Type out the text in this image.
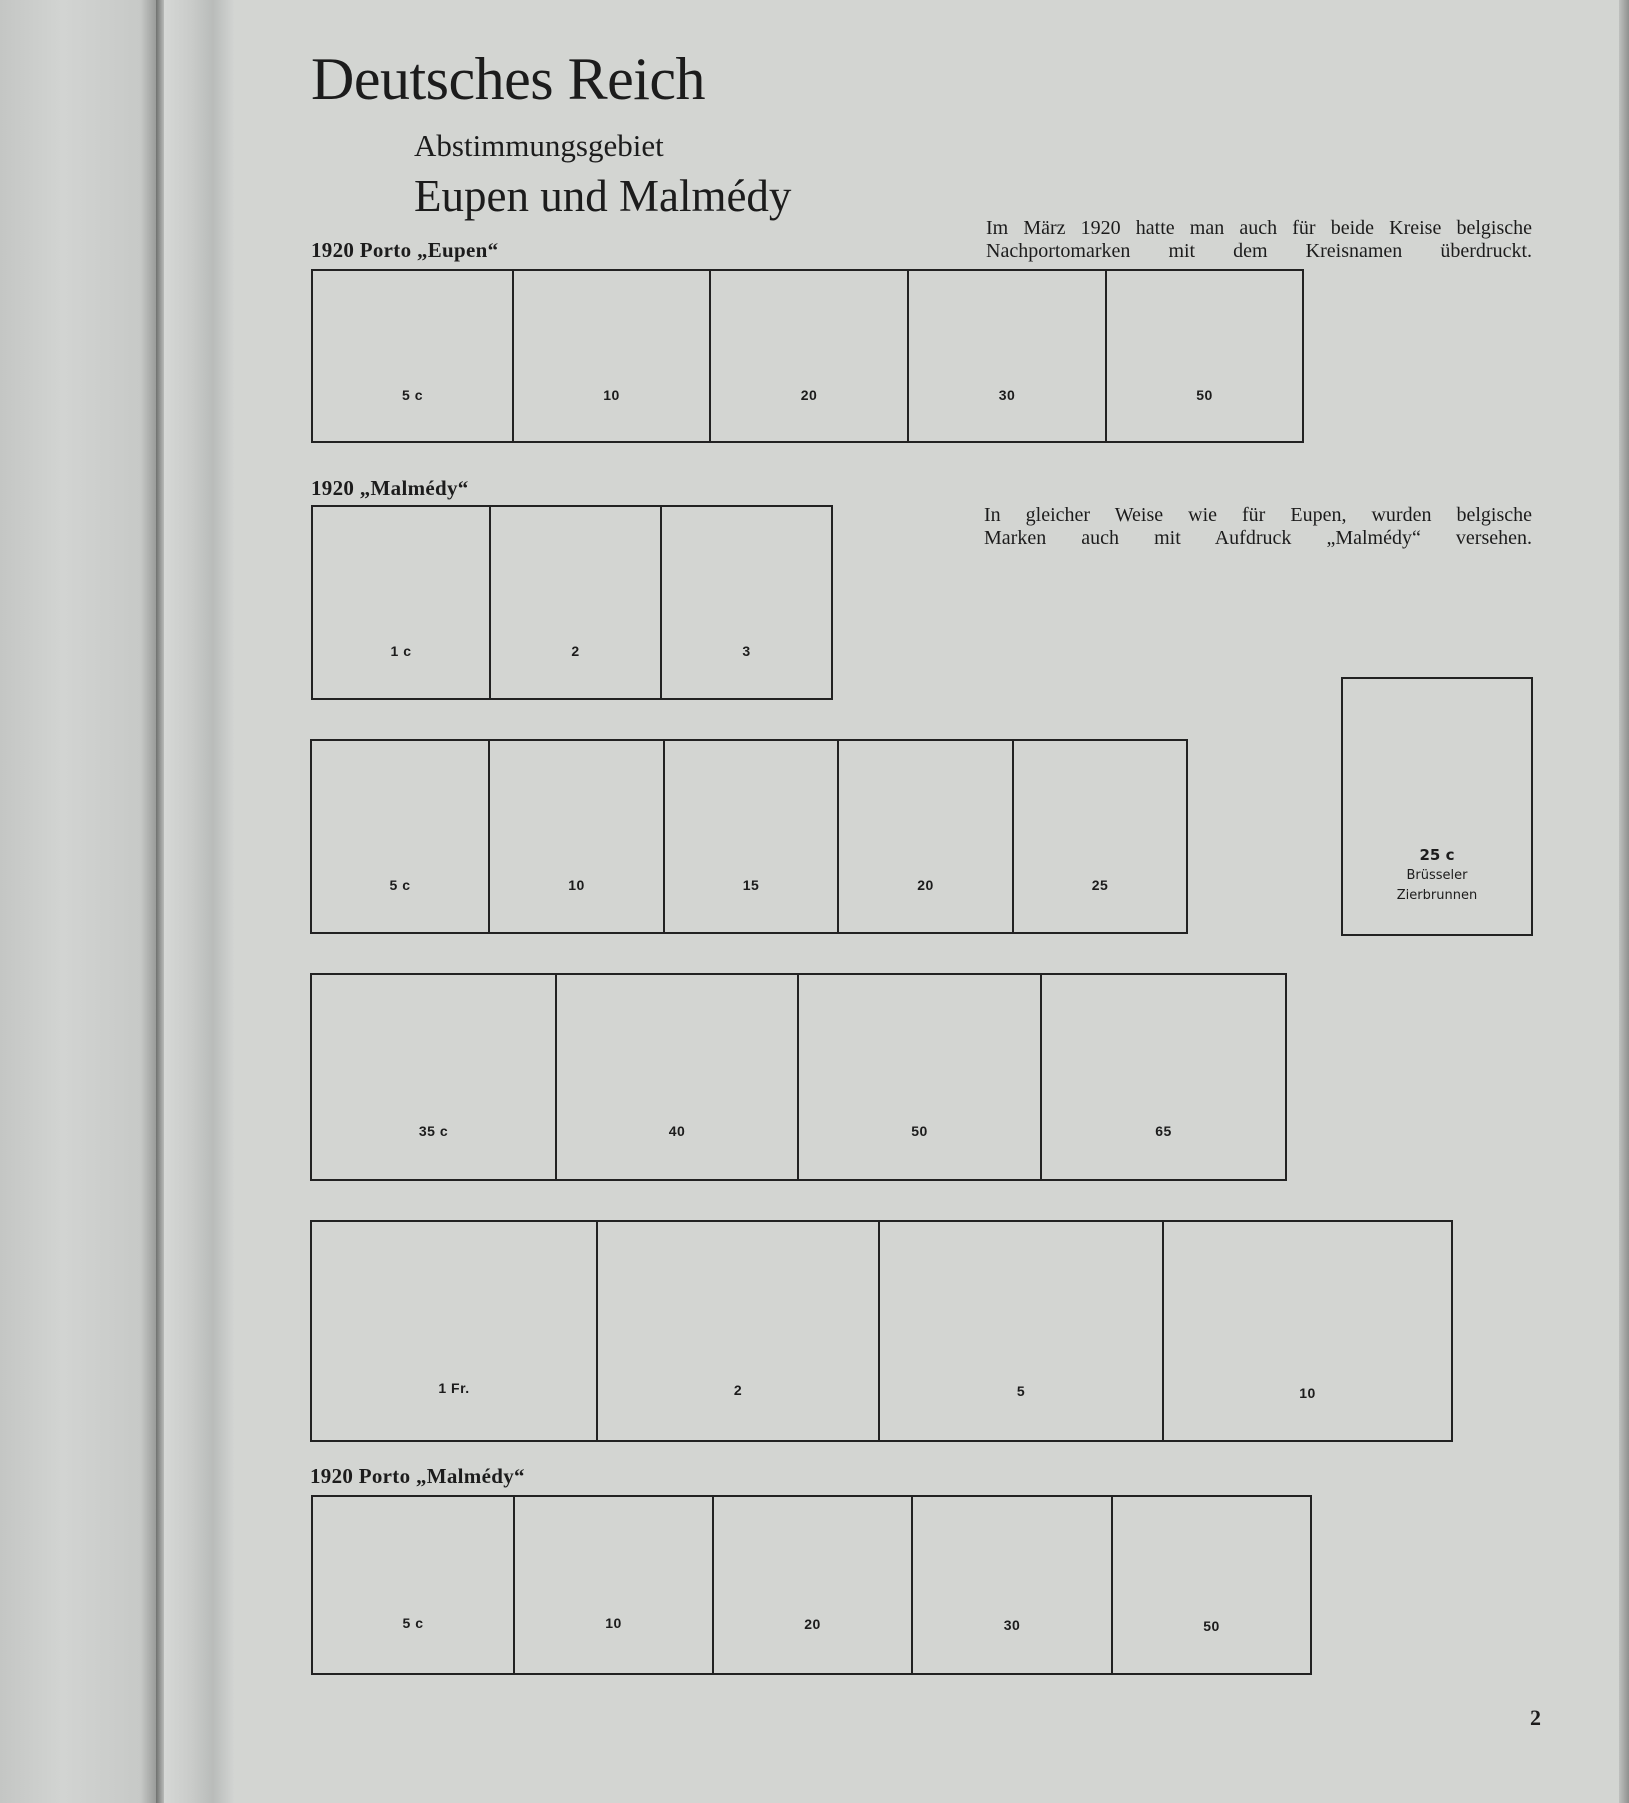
Deutsches Reich
Abstimmungsgebiet
Eupen und Malmédy
1920 Porto „Eupen“
Im März 1920 hatte man auch für beide Kreise belgische
Nachportomarken mit dem Kreisnamen überdruckt.
5 c	10	20	30	50
1920 „Malmédy“
In gleicher Weise wie für Eupen, wurden belgische
Marken auch mit Aufdruck „Malmédy“ versehen.
1 c	2	3
25 c
Brüsseler
Zierbrunnen
5 c	10	15	20	25
35 c	40	50	65
1 Fr.	2	5	10
1920 Porto „Malmédy“
5 c	10	20	30	50
2
